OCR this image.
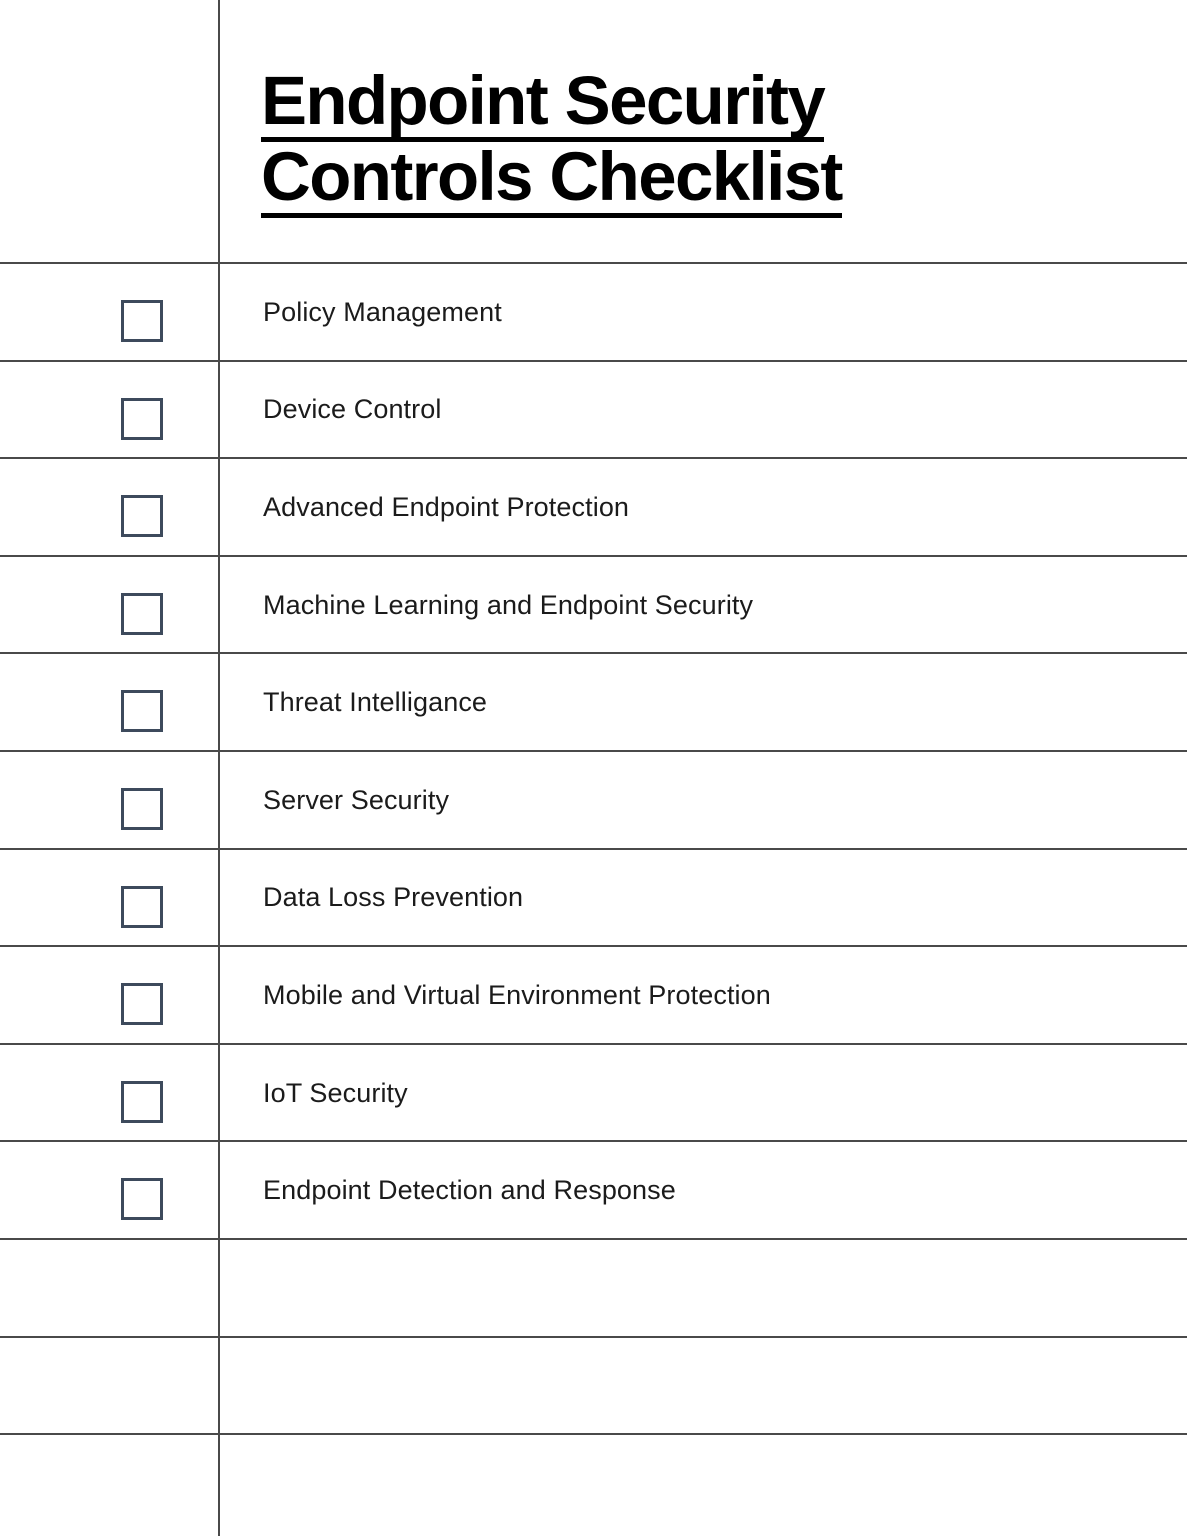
Endpoint Security
Controls Checklist
Policy Management
Device Control
Advanced Endpoint Protection
Machine Learning and Endpoint Security
Threat Intelligance
Server Security
Data Loss Prevention
Mobile and Virtual Environment Protection
IoT Security
Endpoint Detection and Response
